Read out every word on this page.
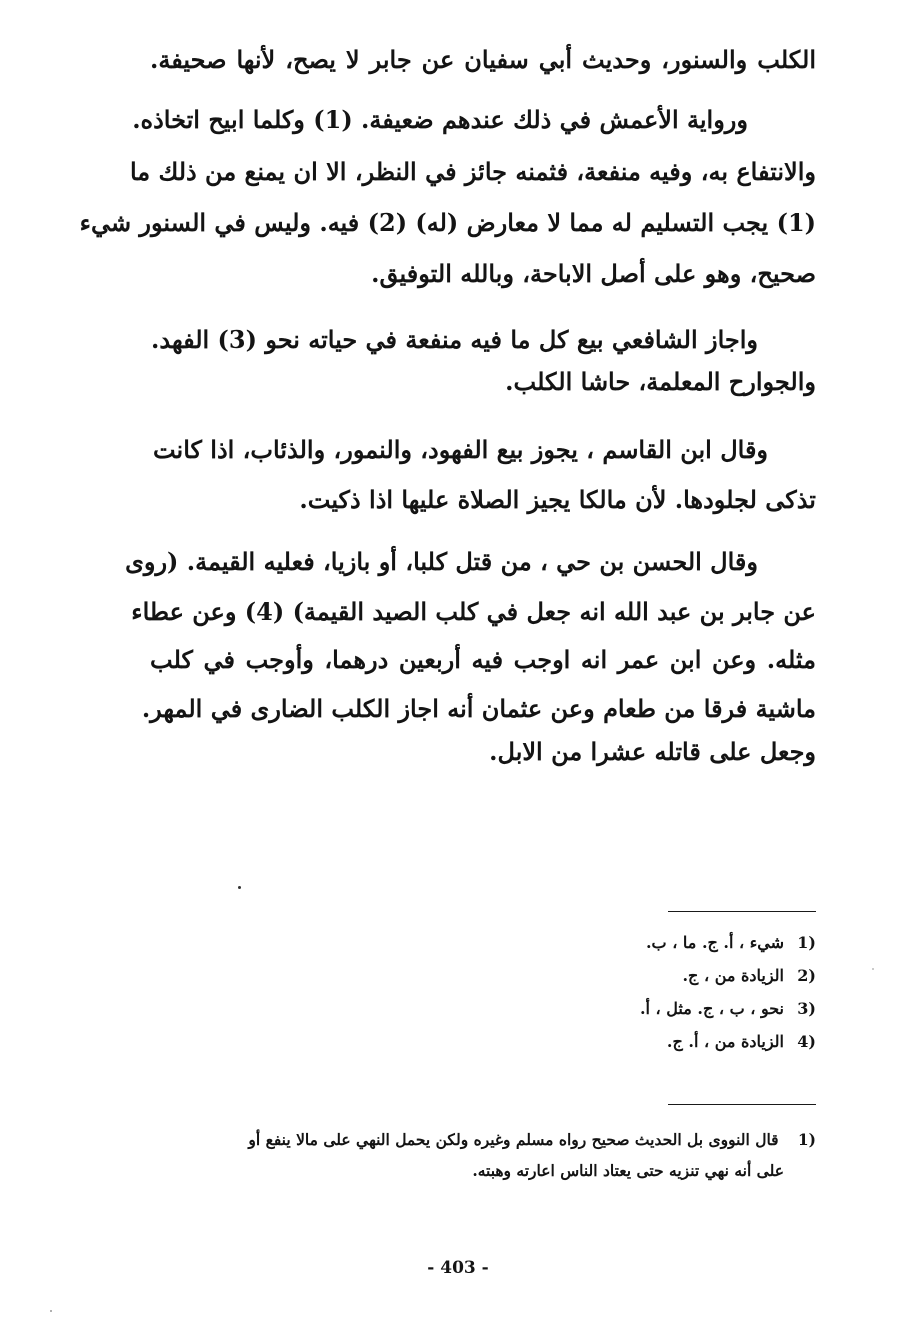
الكلب والسنور، وحديث أبي سفيان عن جابر لا يصح، لأنها صحيفة.
ورواية الأعمش في ذلك عندهم ضعيفة. (1) وكلما ابيح اتخاذه.
والانتفاع به، وفيه منفعة، فثمنه جائز في النظر، الا ان يمنع من ذلك ما
(1) يجب التسليم له مما لا معارض (له) (2) فيه. وليس في السنور شيء
صحيح، وهو على أصل الاباحة، وبالله التوفيق.
واجاز الشافعي بيع كل ما فيه منفعة في حياته نحو (3) الفهد.
والجوارح المعلمة، حاشا الكلب.
وقال ابن القاسم ، يجوز بيع الفهود، والنمور، والذئاب، اذا كانت
تذكى لجلودها. لأن مالكا يجيز الصلاة عليها اذا ذكيت.
وقال الحسن بن حي ، من قتل كلبا، أو بازيا، فعليه القيمة. (روى
عن جابر بن عبد الله انه جعل في كلب الصيد القيمة) (4) وعن عطاء
مثله. وعن ابن عمر انه اوجب فيه أربعين درهما، وأوجب في كلب
ماشية فرقا من طعام وعن عثمان أنه اجاز الكلب الضارى في المهر.
وجعل على قاتله عشرا من الابل.
1)
شيء ، أ. ج. ما ، ب.
2)
الزيادة من ، ج.
3)
نحو ، ب ، ج. مثل ، أ.
4)
الزيادة من ، أ. ج.
1) قال النووى بل الحديث صحيح رواه مسلم وغيره ولكن يحمل النهي على مالا ينفع أو
على أنه نهي تنزيه حتى يعتاد الناس اعارته وهبته.
- 403 -
